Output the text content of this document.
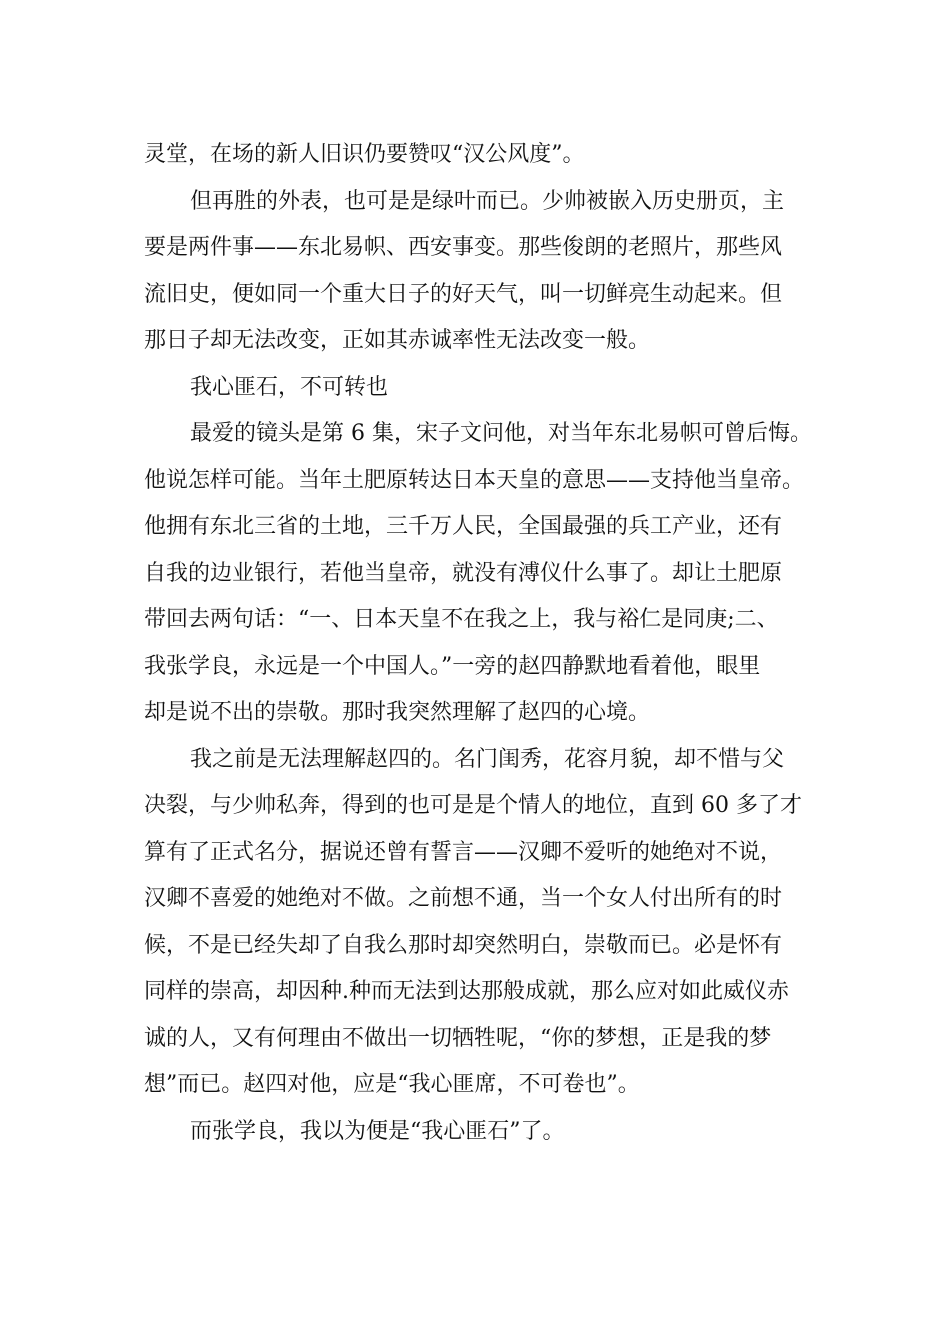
灵堂，在场的新人旧识仍要赞叹“汉公风度”。
但再胜的外表，也可是是绿叶而已。少帅被嵌入历史册页，主
要是两件事——东北易帜、西安事变。那些俊朗的老照片，那些风
流旧史，便如同一个重大日子的好天气，叫一切鲜亮生动起来。但
那日子却无法改变，正如其赤诚率性无法改变一般。
我心匪石，不可转也
最爱的镜头是第 6 集，宋子文问他，对当年东北易帜可曾后悔。
他说怎样可能。当年土肥原转达日本天皇的意思——支持他当皇帝。
他拥有东北三省的土地，三千万人民，全国最强的兵工产业，还有
自我的边业银行，若他当皇帝，就没有溥仪什么事了。却让土肥原
带回去两句话：“一、日本天皇不在我之上，我与裕仁是同庚;二、
我张学良，永远是一个中国人。”一旁的赵四静默地看着他，眼里
却是说不出的崇敬。那时我突然理解了赵四的心境。
我之前是无法理解赵四的。名门闺秀，花容月貌，却不惜与父
决裂，与少帅私奔，得到的也可是是个情人的地位，直到 60 多了才
算有了正式名分，据说还曾有誓言——汉卿不爱听的她绝对不说，
汉卿不喜爱的她绝对不做。之前想不通，当一个女人付出所有的时
候，不是已经失却了自我么那时却突然明白，崇敬而已。必是怀有
同样的崇高，却因种.种而无法到达那般成就，那么应对如此威仪赤
诚的人，又有何理由不做出一切牺牲呢，“你的梦想，正是我的梦
想”而已。赵四对他，应是“我心匪席，不可卷也”。
而张学良，我以为便是“我心匪石”了。
